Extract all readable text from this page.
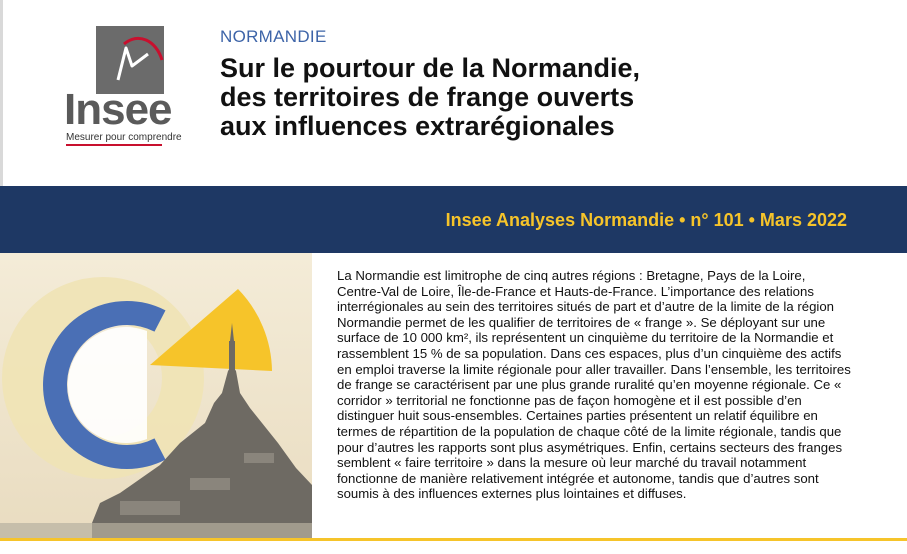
Insee
Mesurer pour comprendre
NORMANDIE
Sur le pourtour de la Normandie,
des territoires de frange ouverts
aux influences extrarégionales
Insee Analyses Normandie • n° 101 • Mars 2022
La Normandie est limitrophe de cinq autres régions : Bretagne, Pays de la Loire, Centre-Val de Loire, Île-de-France et Hauts-de-France. L’importance des relations interrégionales au sein des territoires situés de part et d’autre de la limite de la région Normandie permet de les qualifier de territoires de « frange ». Se déployant sur une surface de 10 000 km², ils représentent un cinquième du territoire de la Normandie et rassemblent 15 % de sa population. Dans ces espaces, plus d’un cinquième des actifs en emploi traverse la limite régionale pour aller travailler. Dans l’ensemble, les territoires de frange se caractérisent par une plus grande ruralité qu’en moyenne régionale. Ce « corridor » territorial ne fonctionne pas de façon homogène et il est possible d’en distinguer huit sous-ensembles. Certaines parties présentent un relatif équilibre en termes de répartition de la population de chaque côté de la limite régionale, tandis que pour d’autres les rapports sont plus asymétriques. Enfin, certains secteurs des franges semblent « faire territoire » dans la mesure où leur marché du travail notamment fonctionne de manière relativement intégrée et autonome, tandis que d’autres sont soumis à des influences externes plus lointaines et diffuses.
